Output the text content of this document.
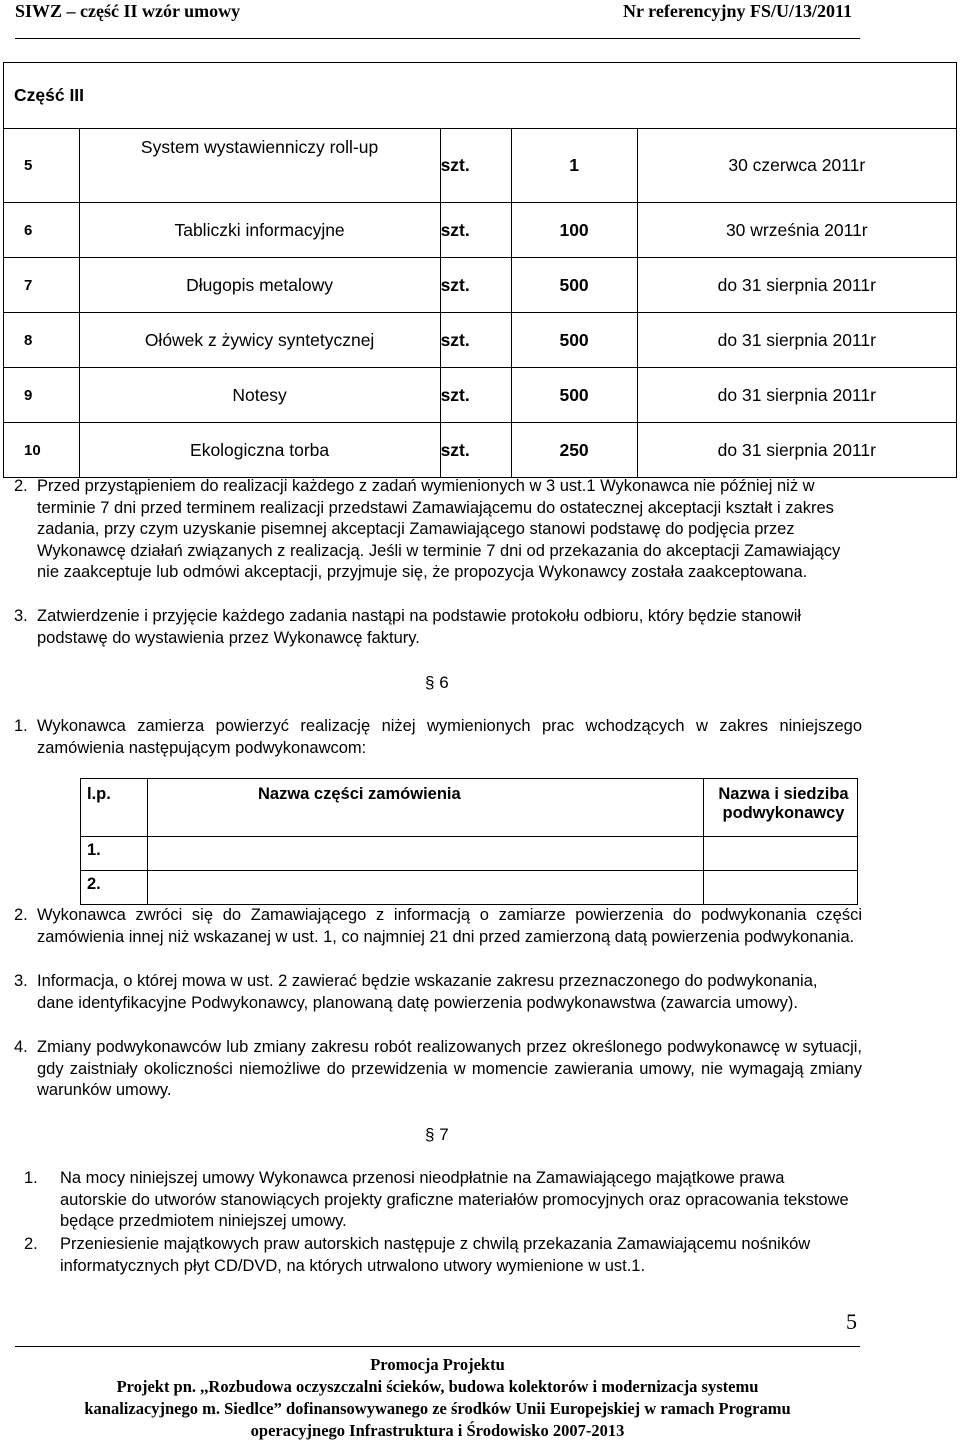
SIWZ – część II wzór umowy	Nr referencyjny FS/U/13/2011
Część III				
5	System wystawienniczy roll-up	szt.	1	30 czerwca 2011r
6	Tabliczki informacyjne	szt.	100	30 września 2011r
7	Długopis metalowy	szt.	500	do 31 sierpnia 2011r
8	Ołówek z żywicy syntetycznej	szt.	500	do 31 sierpnia 2011r
9	Notesy	szt.	500	do 31 sierpnia 2011r
10	Ekologiczna torba	szt.	250	do 31 sierpnia 2011r
2. Przed przystąpieniem do realizacji każdego z zadań wymienionych w 3 ust.1 Wykonawca nie później niż w terminie 7 dni przed terminem realizacji przedstawi Zamawiającemu do ostatecznej akceptacji kształt i zakres zadania, przy czym uzyskanie pisemnej akceptacji Zamawiającego stanowi podstawę do podjęcia przez Wykonawcę działań związanych z realizacją. Jeśli w terminie 7 dni od przekazania do akceptacji Zamawiający nie zaakceptuje lub odmówi akceptacji, przyjmuje się, że propozycja Wykonawcy została zaakceptowana.
3. Zatwierdzenie i przyjęcie każdego zadania nastąpi na podstawie protokołu odbioru, który będzie stanowił podstawę do wystawienia przez Wykonawcę faktury.
§ 6
1. Wykonawca zamierza powierzyć realizację niżej wymienionych prac wchodzących w zakres niniejszego zamówienia następującym podwykonawcom:
l.p.	Nazwa części zamówienia	Nazwa i siedziba podwykonawcy
1.		
2.		
2. Wykonawca zwróci się do Zamawiającego z informacją o zamiarze powierzenia do podwykonania części zamówienia innej niż wskazanej w ust. 1, co najmniej 21 dni przed zamierzoną datą powierzenia podwykonania.
3. Informacja, o której mowa w ust. 2 zawierać będzie wskazanie zakresu przeznaczonego do podwykonania, dane identyfikacyjne Podwykonawcy, planowaną datę powierzenia podwykonawstwa (zawarcia umowy).
4. Zmiany podwykonawców lub zmiany zakresu robót realizowanych przez określonego podwykonawcę w sytuacji, gdy zaistniały okoliczności niemożliwe do przewidzenia w momencie zawierania umowy, nie wymagają zmiany warunków umowy.
§ 7
1. Na mocy niniejszej umowy Wykonawca przenosi nieodpłatnie na Zamawiającego majątkowe prawa autorskie do utworów stanowiących projekty graficzne materiałów promocyjnych oraz opracowania tekstowe będące przedmiotem niniejszej umowy.
2. Przeniesienie majątkowych praw autorskich następuje z chwilą przekazania Zamawiającemu nośników informatycznych płyt CD/DVD, na których utrwalono utwory wymienione w ust.1.
5
Promocja Projektu
Projekt pn. ,,Rozbudowa oczyszczalni ścieków, budowa kolektorów i modernizacja systemu
kanalizacyjnego m. Siedlce” dofinansowywanego ze środków Unii Europejskiej w ramach Programu
operacyjnego Infrastruktura i Środowisko 2007-2013
